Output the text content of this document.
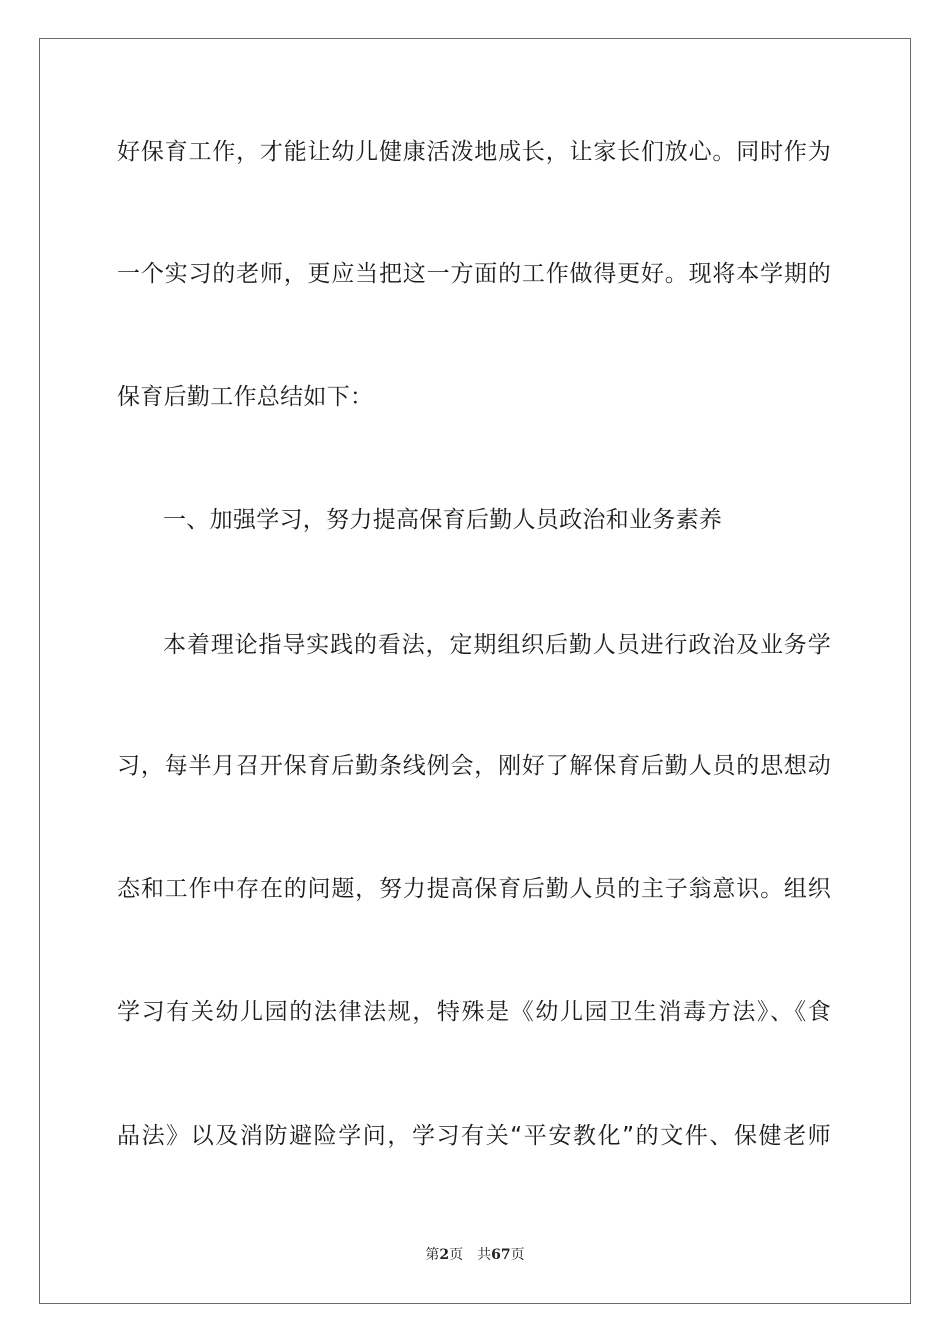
好保育工作，才能让幼儿健康活泼地成长，让家长们放心。同时作为
一个实习的老师，更应当把这一方面的工作做得更好。现将本学期的
保育后勤工作总结如下：
一、加强学习，努力提高保育后勤人员政治和业务素养
本着理论指导实践的看法，定期组织后勤人员进行政治及业务学
习，每半月召开保育后勤条线例会，刚好了解保育后勤人员的思想动
态和工作中存在的问题，努力提高保育后勤人员的主子翁意识。组织
学习有关幼儿园的法律法规，特殊是《幼儿园卫生消毒方法》、《食
品法》以及消防避险学问，学习有关“平安教化”的文件、保健老师
第2页 共67页
